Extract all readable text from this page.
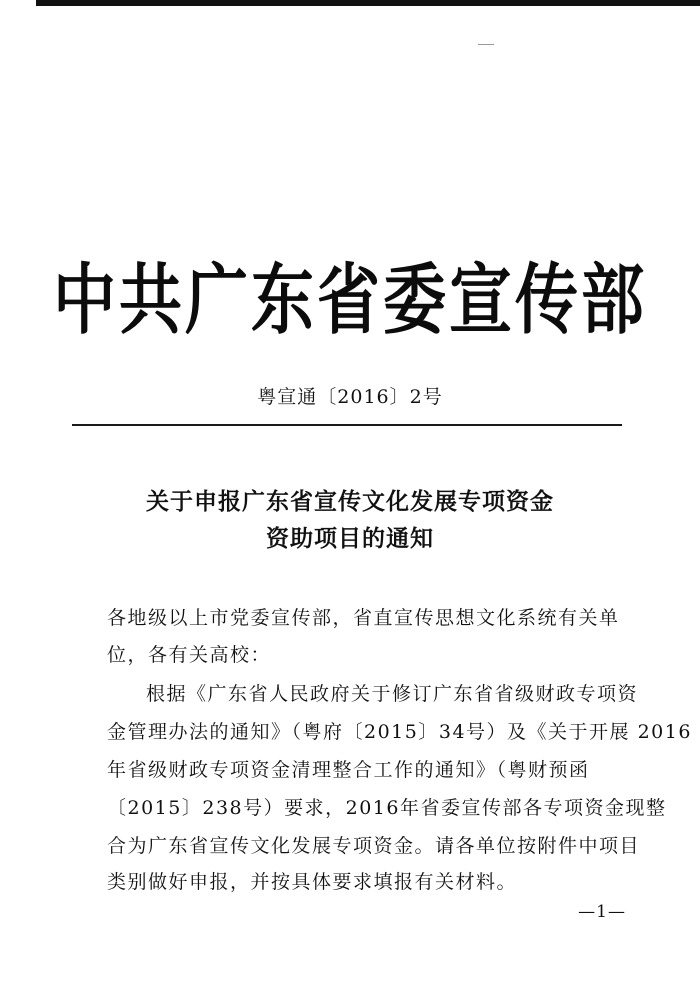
中共广东省委宣传部
粤宣通〔2016〕2号
关于申报广东省宣传文化发展专项资金
资助项目的通知
各地级以上市党委宣传部，省直宣传思想文化系统有关单
位，各有关高校：
根据《广东省人民政府关于修订广东省省级财政专项资
金管理办法的通知》（粤府〔2015〕34号）及《关于开展 2016
年省级财政专项资金清理整合工作的通知》（粤财预函
〔2015〕238号）要求，2016年省委宣传部各专项资金现整
合为广东省宣传文化发展专项资金。请各单位按附件中项目
类别做好申报，并按具体要求填报有关材料。
—1—
